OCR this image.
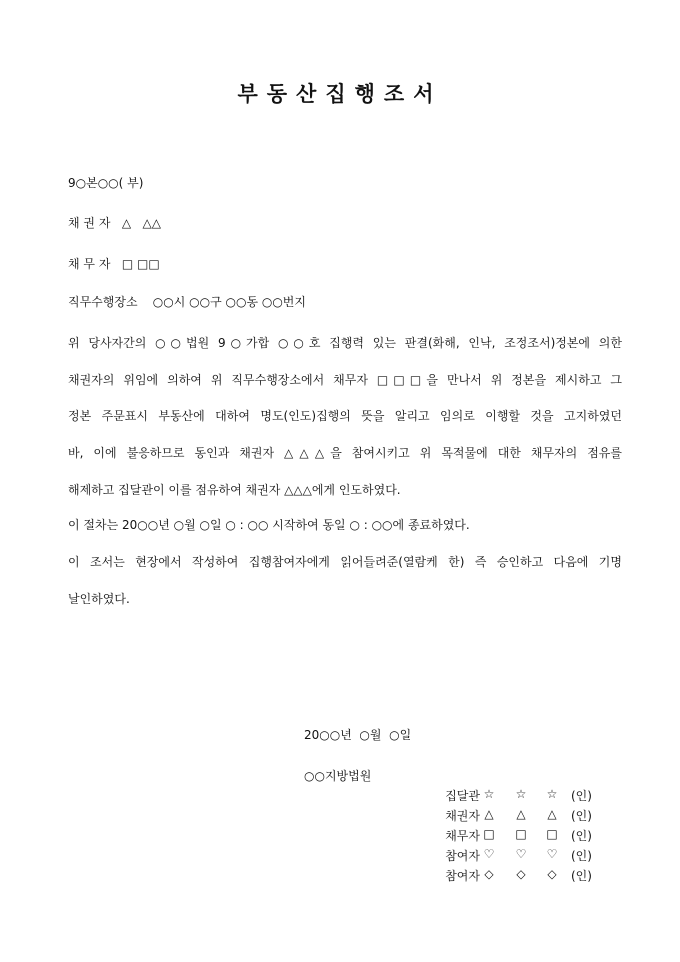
부동산집행조서
9○본○○( 부)
채 권 자   △   △△
채 무 자   □ □□
직무수행장소    ○○시 ○○구 ○○동 ○○번지
위 당사자간의 ○○법원 9○가합 ○○호 집행력 있는 판결(화해, 인낙, 조정조서)정본에 의한
채권자의 위임에 의하여 위 직무수행장소에서 채무자 □□□을 만나서 위 정본을 제시하고 그
정본 주문표시 부동산에 대하여 명도(인도)집행의 뜻을 알리고 임의로 이행할 것을 고지하였던
바, 이에 불응하므로 동인과 채권자 △△△을 참여시키고 위 목적물에 대한 채무자의 점유를
해제하고 집달관이 이를 점유하여 채권자 △△△에게 인도하였다.
이 절차는 20○○년 ○월 ○일 ○ : ○○ 시작하여 동일 ○ : ○○에 종료하였다.
이 조서는 현장에서 작성하여 집행참여자에게 읽어들려준(열람케 한) 즉 승인하고 다음에 기명
날인하였다.
20○○년  ○월  ○일
○○지방법원
집달관 ☆ ☆ ☆ (인)
채권자 △ △ △ (인)
채무자 □ □ □ (인)
참여자 ♡ ♡ ♡ (인)
참여자 ◇ ◇ ◇ (인)
